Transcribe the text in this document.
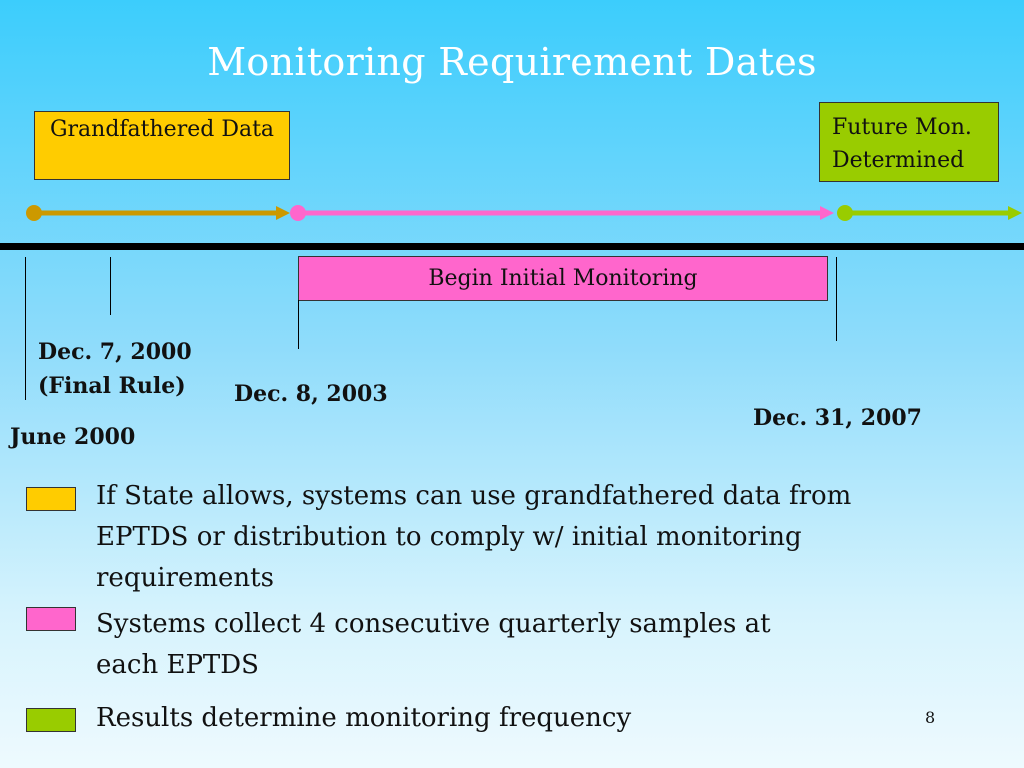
Monitoring Requirement Dates
Grandfathered Data	Future Mon. Determined
Begin Initial Monitoring
Dec. 7, 2000
(Final Rule) Dec. 8, 2003
Dec. 31, 2007
June 2000
If State allows, systems can use grandfathered data from EPTDS or distribution to comply w/ initial monitoring requirements
Systems collect 4 consecutive quarterly samples at each EPTDS
Results determine monitoring frequency	8
